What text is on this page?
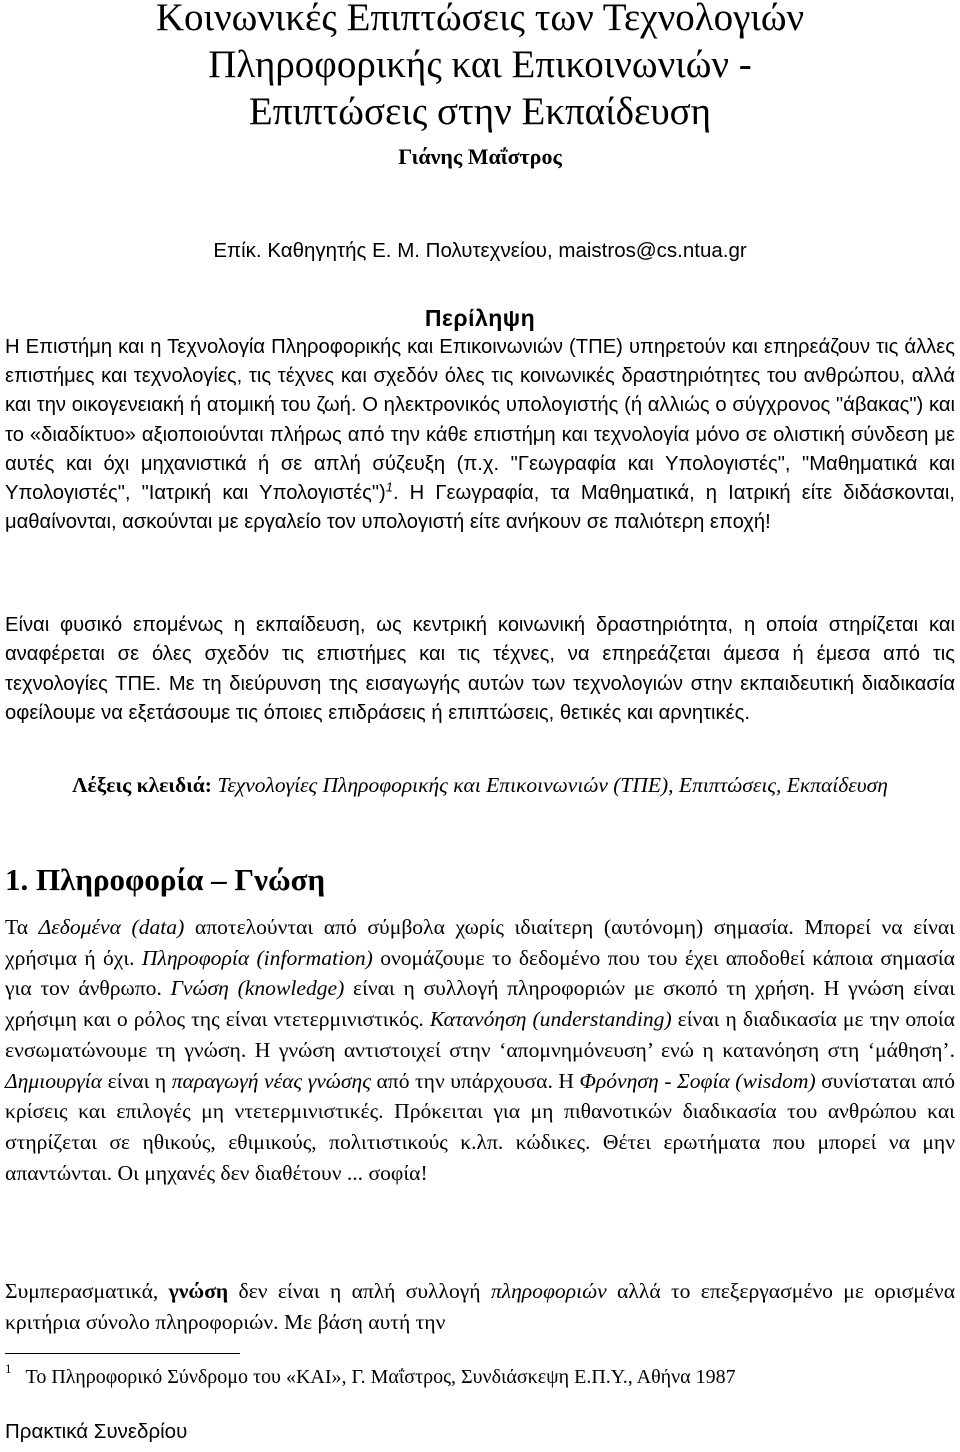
Κοινωνικές Επιπτώσεις των Τεχνολογιών
Πληροφορικής και Επικοινωνιών -
Επιπτώσεις στην Εκπαίδευση
Γιάνης Μαΐστρος
Επίκ. Καθηγητής Ε. Μ. Πολυτεχνείου, maistros@cs.ntua.gr
Περίληψη

Η Επιστήμη και η Τεχνολογία Πληροφορικής και Επικοινωνιών (ΤΠΕ) υπηρετούν και επηρεάζουν τις άλλες επιστήμες και τεχνολογίες, τις τέχνες και σχεδόν όλες τις κοινωνικές δραστηριότητες του ανθρώπου, αλλά και την οικογενειακή ή ατομική του ζωή. Ο ηλεκτρονικός υπολογιστής (ή αλλιώς ο σύγχρονος "άβακας") και το «διαδίκτυο» αξιοποιούνται πλήρως από την κάθε επιστήμη και τεχνολογία μόνο σε ολιστική σύνδεση με αυτές και όχι μηχανιστικά ή σε απλή σύζευξη (π.χ. "Γεωγραφία και Υπολογιστές", "Μαθηματικά και Υπολογιστές", "Ιατρική και Υπολογιστές")$^1$. Η Γεωγραφία, τα Μαθηματικά, η Ιατρική είτε διδάσκονται, μαθαίνονται, ασκούνται με εργαλείο τον υπολογιστή είτε ανήκουν σε παλιότερη εποχή!

Είναι φυσικό επομένως η εκπαίδευση, ως κεντρική κοινωνική δραστηριότητα, η οποία στηρίζεται και αναφέρεται σε όλες σχεδόν τις επιστήμες και τις τέχνες, να επηρεάζεται άμεσα ή έμεσα από τις τεχνολογίες ΤΠΕ. Με τη διεύρυνση της εισαγωγής αυτών των τεχνολογιών στην εκπαιδευτική διαδικασία οφείλουμε να εξετάσουμε τις όποιες επιδράσεις ή επιπτώσεις, θετικές και αρνητικές.

Λέξεις κλειδιά: Τεχνολογίες Πληροφορικής και Επικοινωνιών (ΤΠΕ), Επιπτώσεις, Εκπαίδευση
1. Πληροφορία – Γνώση

Τα Δεδομένα (data) αποτελούνται από σύμβολα χωρίς ιδιαίτερη (αυτόνομη) σημασία. Μπορεί να είναι χρήσιμα ή όχι. Πληροφορία (information) ονομάζουμε το δεδομένο που του έχει αποδοθεί κάποια σημασία για τον άνθρωπο. Γνώση (knowledge) είναι η συλλογή πληροφοριών με σκοπό τη χρήση. Η γνώση είναι χρήσιμη και ο ρόλος της είναι ντετερμινιστικός. Κατανόηση (understanding) είναι η διαδικασία με την οποία ενσωματώνουμε τη γνώση. Η γνώση αντιστοιχεί στην ‘απομνημόνευση’ ενώ η κατανόηση στη ‘μάθηση’. Δημιουργία είναι η παραγωγή νέας γνώσης από την υπάρχουσα. Η Φρόνηση - Σοφία (wisdom) συνίσταται από κρίσεις και επιλογές μη ντετερμινιστικές. Πρόκειται για μη πιθανοτικών διαδικασία του ανθρώπου και στηρίζεται σε ηθικούς, εθιμικούς, πολιτιστικούς κ.λπ. κώδικες. Θέτει ερωτήματα που μπορεί να μην απαντώνται. Οι μηχανές δεν διαθέτουν ... σοφία!

Συμπερασματικά, γνώση δεν είναι η απλή συλλογή πληροφοριών αλλά το επεξεργασμένο με ορισμένα κριτήρια σύνολο πληροφοριών. Με βάση αυτή την

$^1$ Το Πληροφορικό Σύνδρομο του «ΚΑΙ», Γ. Μαΐστρος, Συνδιάσκεψη Ε.Π.Υ., Αθήνα 1987
Πρακτικά Συνεδρίου
